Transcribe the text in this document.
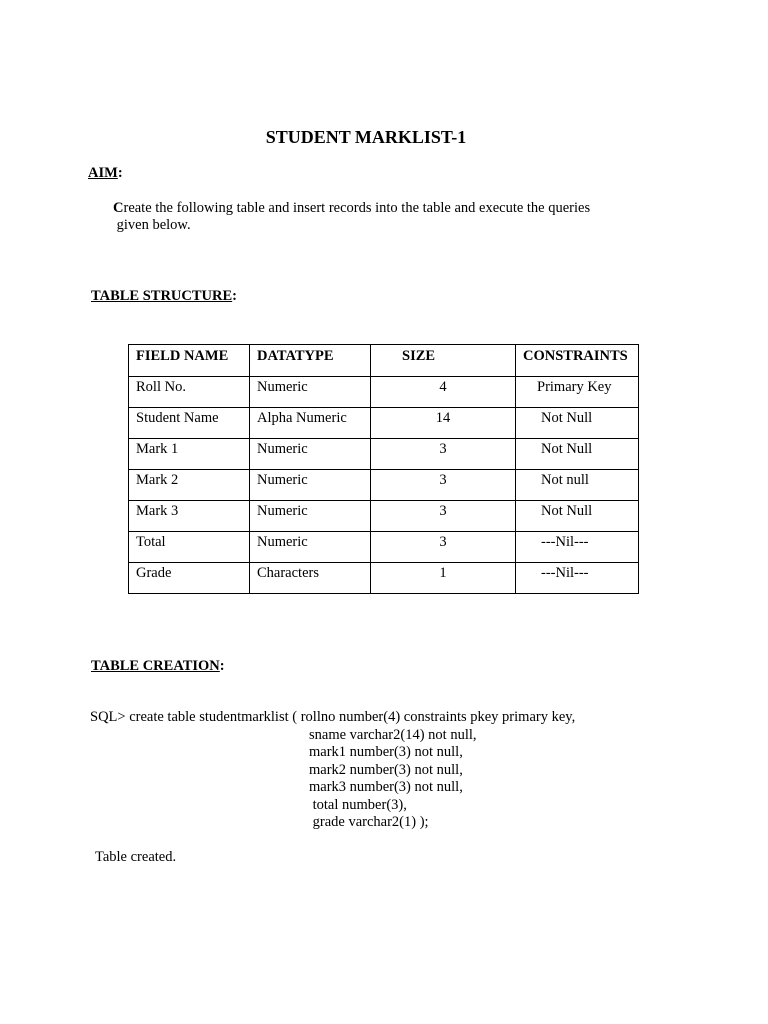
STUDENT MARKLIST-1
AIM:
Create the following table and insert records into the table and execute the queries
given below.
TABLE STRUCTURE:
FIELD NAME	DATATYPE	SIZE	CONSTRAINTS
Roll No.	Numeric	4	Primary Key
Student Name	Alpha Numeric	14	Not Null
Mark 1	Numeric	3	Not Null
Mark 2	Numeric	3	Not null
Mark 3	Numeric	3	Not Null
Total	Numeric	3	---Nil---
Grade	Characters	1	---Nil---
TABLE CREATION:
SQL> create table studentmarklist ( rollno number(4) constraints pkey primary key,
sname varchar2(14) not null,
mark1 number(3) not null,
mark2 number(3) not null,
mark3 number(3) not null,
total number(3),
grade varchar2(1) );
Table created.
